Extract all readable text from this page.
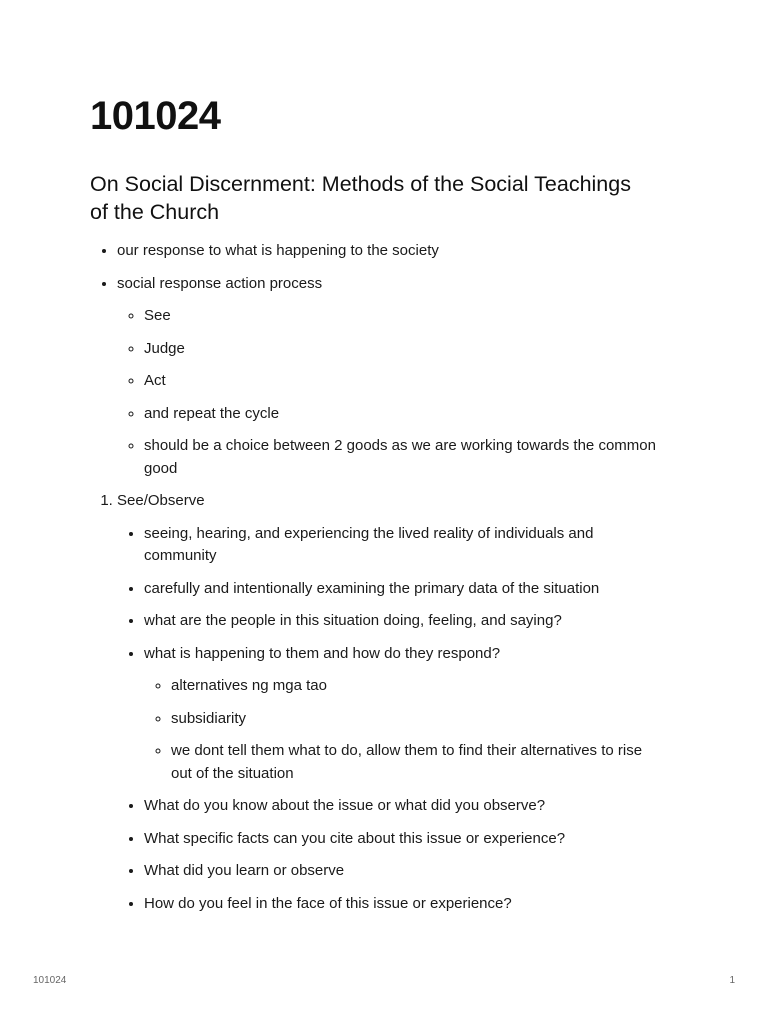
101024
On Social Discernment: Methods of the Social Teachings of the Church
• our response to what is happening to the society
• social response action process
◦ See
◦ Judge
◦ Act
◦ and repeat the cycle
◦ should be a choice between 2 goods as we are working towards the common good
1. See/Observe
• seeing, hearing, and experiencing the lived reality of individuals and community
• carefully and intentionally examining the primary data of the situation
• what are the people in this situation doing, feeling, and saying?
• what is happening to them and how do they respond?
◦ alternatives ng mga tao
◦ subsidiarity
◦ we dont tell them what to do, allow them to find their alternatives to rise out of the situation
• What do you know about the issue or what did you observe?
• What specific facts can you cite about this issue or experience?
• What did you learn or observe
• How do you feel in the face of this issue or experience?
101024	1
